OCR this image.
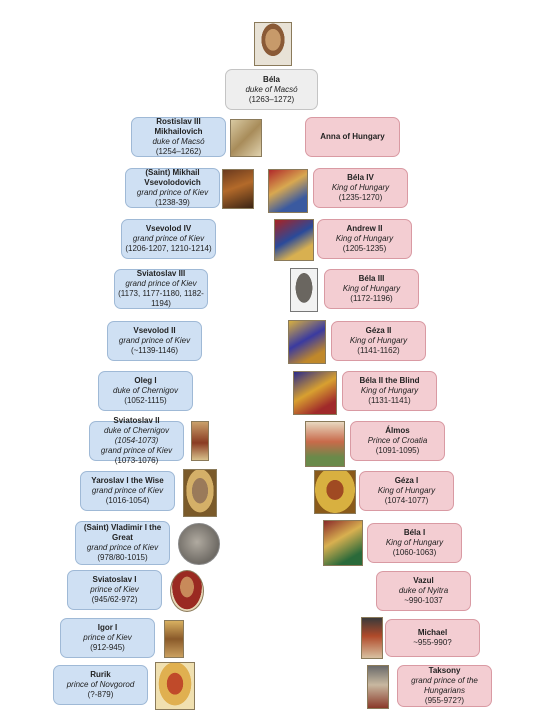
Béla
duke of Macsó
(1263–1272)
Rostislav III Mikhailovich
duke of Macsó
(1254–1262)
(Saint) Mikhail Vsevolodovich
grand prince of Kiev
(1238-39)
Vsevolod IV
grand prince of Kiev
(1206-1207, 1210-1214)
Sviatoslav III
grand prince of Kiev
(1173, 1177-1180, 1182-1194)
Vsevolod II
grand prince of Kiev
(~1139-1146)
Oleg I
duke of Chernigov
(1052-1115)
Sviatoslav II
duke of Chernigov (1054-1073)
grand prince of Kiev
(1073-1076)
Yaroslav I the Wise
grand prince of Kiev
(1016-1054)
(Saint) Vladimir I the Great
grand prince of Kiev
(978/80-1015)
Sviatoslav I
prince of Kiev
(945/62-972)
Igor I
prince of Kiev
(912-945)
Rurik
prince of Novgorod
(?-879)
Anna of Hungary
Béla IV
King of Hungary
(1235-1270)
Andrew II
King of Hungary
(1205-1235)
Béla III
King of Hungary
(1172-1196)
Géza II
King of Hungary
(1141-1162)
Béla II the Blind
King of Hungary
(1131-1141)
Álmos
Prince of Croatia
(1091-1095)
Géza I
King of Hungary
(1074-1077)
Béla I
King of Hungary
(1060-1063)
Vazul
duke of Nyitra
~990-1037
Michael
~955-990?
Taksony
grand prince of the Hungarians
(955-972?)
